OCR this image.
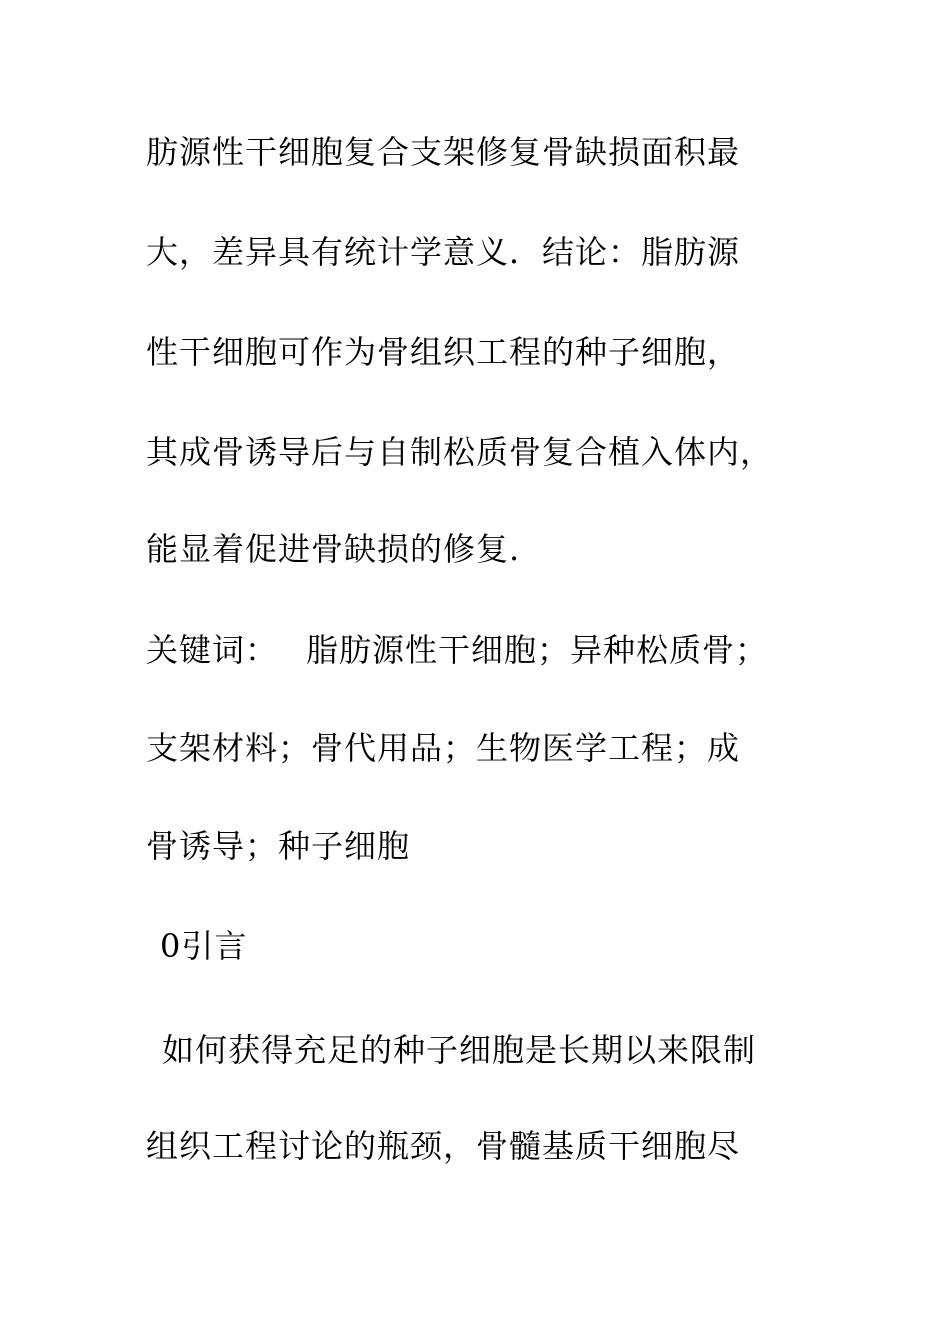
肪源性干细胞复合支架修复骨缺损面积最
大，差异具有统计学意义．结论：脂肪源
性干细胞可作为骨组织工程的种子细胞，
其成骨诱导后与自制松质骨复合植入体内，
能显着促进骨缺损的修复.
关键词： 脂肪源性干细胞；异种松质骨；
支架材料；骨代用品；生物医学工程；成
骨诱导；种子细胞
0引言
如何获得充足的种子细胞是长期以来限制
组织工程讨论的瓶颈，骨髓基质干细胞尽
